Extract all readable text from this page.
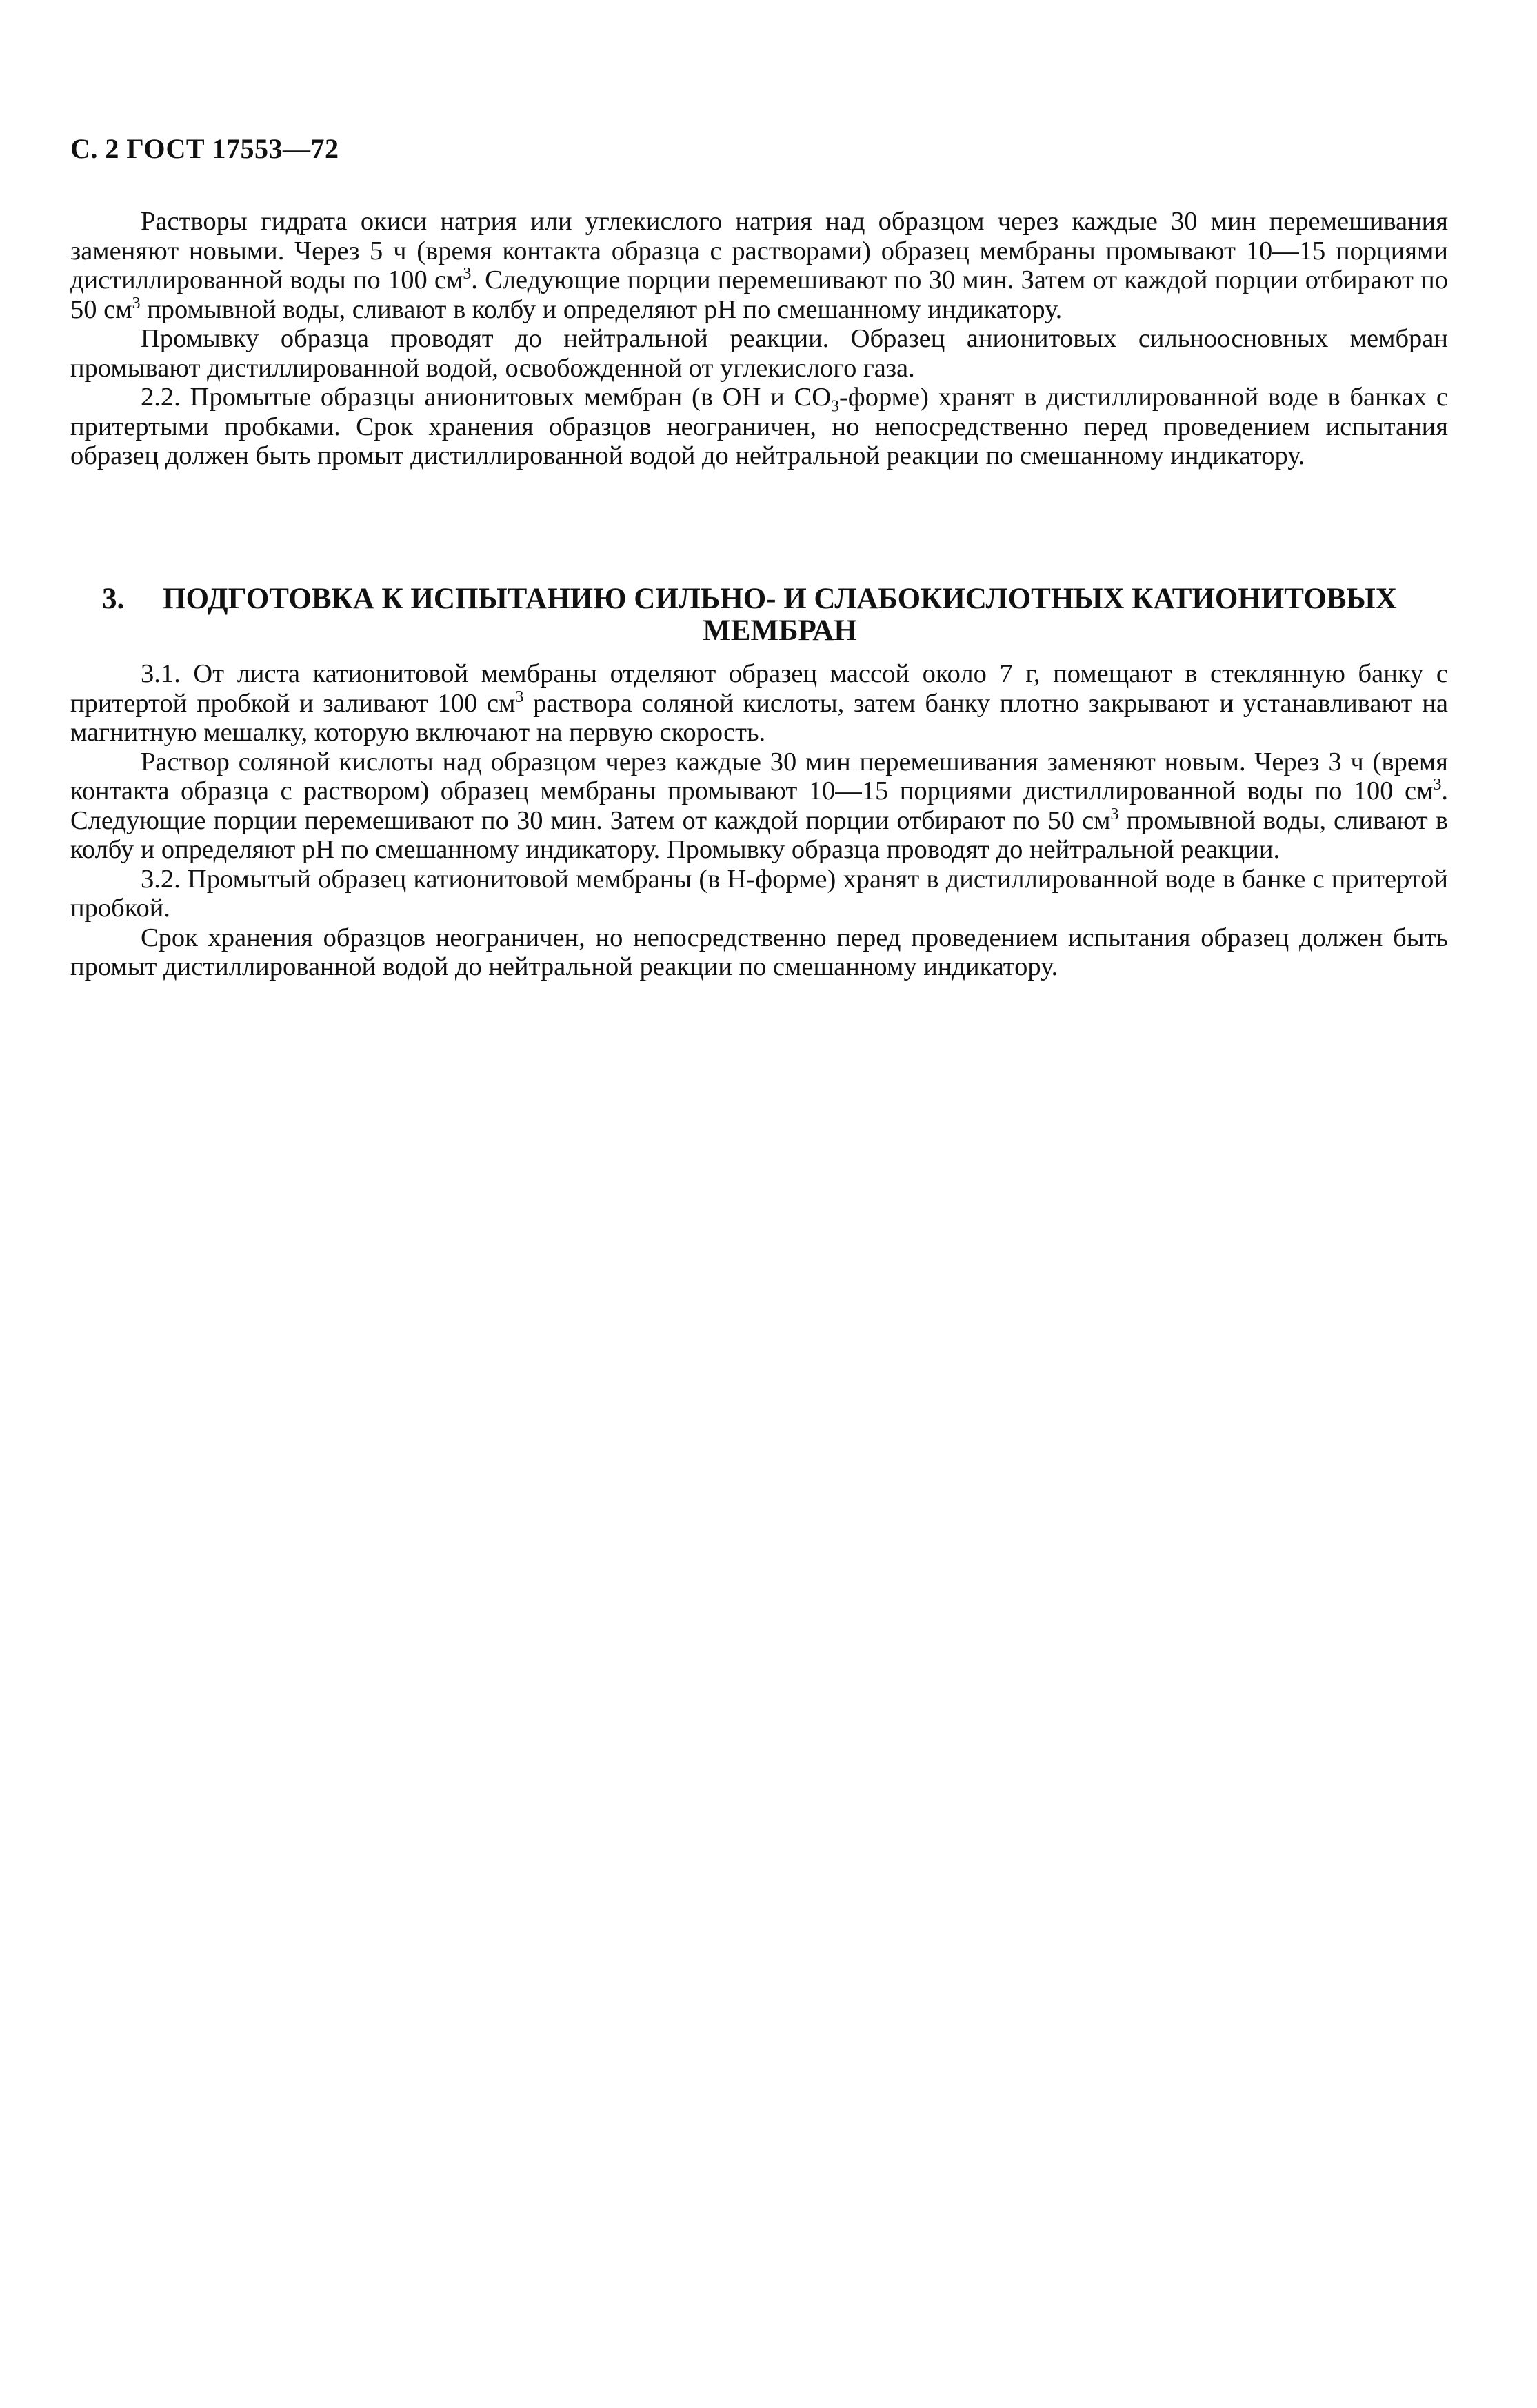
С. 2 ГОСТ 17553—72

Растворы гидрата окиси натрия или углекислого натрия над образцом через каждые 30 мин перемешивания заменяют новыми. Через 5 ч (время контакта образца с растворами) образец мембраны промывают 10—15 порциями дистиллированной воды по 100 $см^3$. Следующие порции перемешивают по 30 мин. Затем от каждой порции отбирают по 50 $см^3$ промывной воды, сливают в колбу и определяют pH по смешанному индикатору.

Промывку образца проводят до нейтральной реакции. Образец анионитовых сильноосновных мембран промывают дистиллированной водой, освобожденной от углекислого газа.

2.2. Промытые образцы анионитовых мембран (в ОН и $СО_3-форме$) хранят в дистиллированной воде в банках с притертыми пробками. Срок хранения образцов неограничен, но непосредственно перед проведением испытания образец должен быть промыт дистиллированной водой до нейтральной реакции по смешанному индикатору.

3.	ПОДГОТОВКА К ИСПЫТАНИЮ СИЛЬНО- И СЛАБОКИСЛОТНЫХ КАТИОНИТОВЫХ МЕМБРАН

3.1. От листа катионитовой мембраны отделяют образец массой около 7 г, помещают в стеклянную банку с притертой пробкой и заливают 100 $см^3$ раствора соляной кислоты, затем банку плотно закрывают и устанавливают на магнитную мешалку, которую включают на первую скорость.

Раствор соляной кислоты над образцом через каждые 30 мин перемешивания заменяют новым. Через 3 ч (время контакта образца с раствором) образец мембраны промывают 10—15 порциями дистиллированной воды по 100 $см^3$. Следующие порции перемешивают по 30 мин. Затем от каждой порции отбирают по 50 $см^3$ промывной воды, сливают в колбу и определяют pH по смешанному индикатору. Промывку образца проводят до нейтральной реакции.

3.2. Промытый образец катионитовой мембраны (в Н-форме) хранят в дистиллированной воде в банке с притертой пробкой.

Срок хранения образцов неограничен, но непосредственно перед проведением испытания образец должен быть промыт дистиллированной водой до нейтральной реакции по смешанному индикатору.
